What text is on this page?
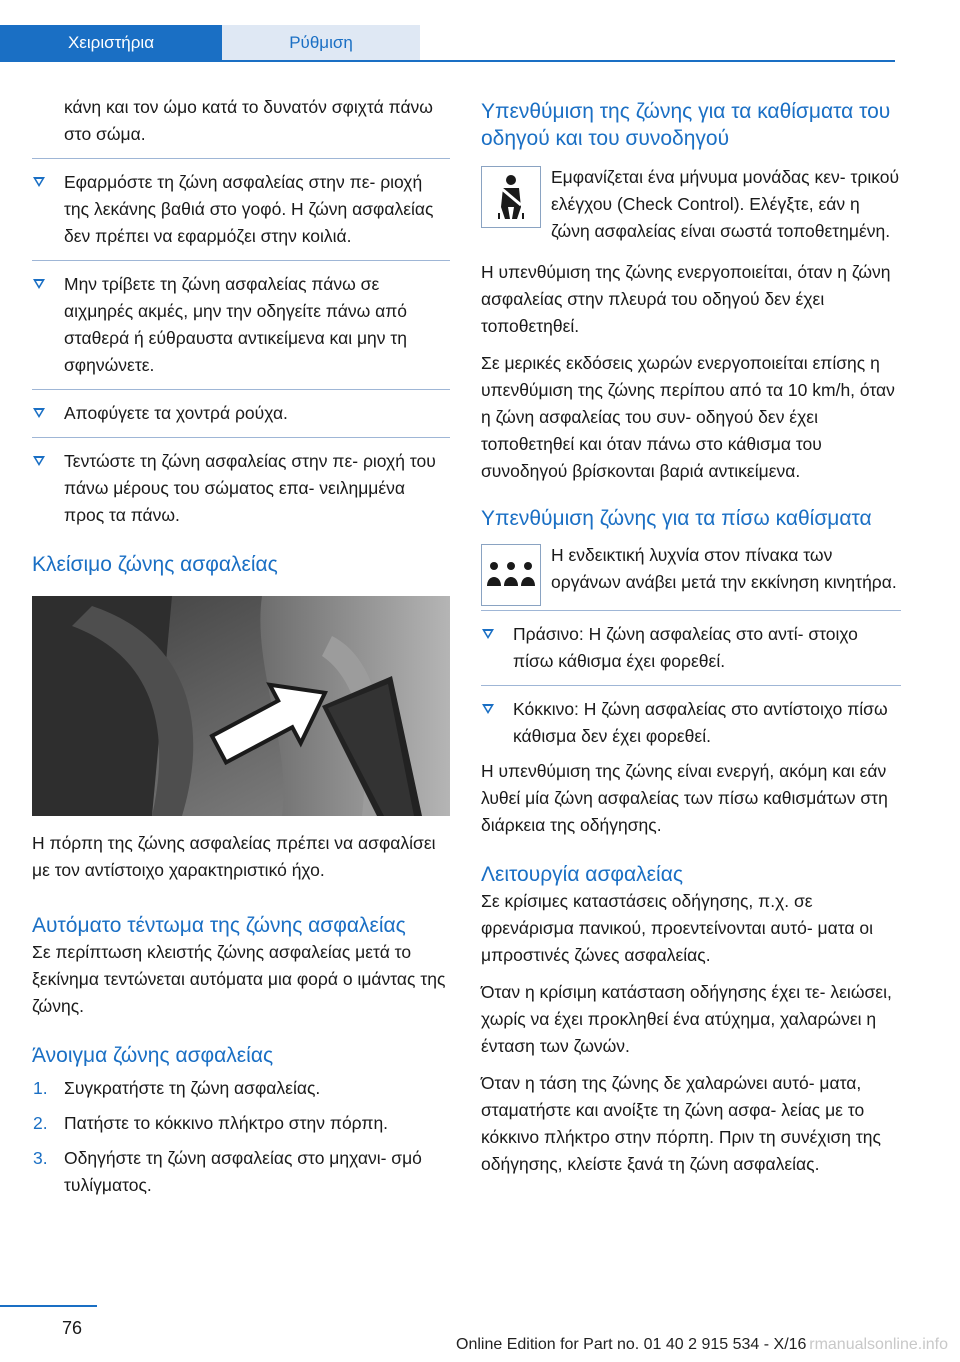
Χειριστήρια	Ρύθμιση

κάνη και τον ώμο κατά το δυνατόν σφιχτά πάνω στο σώμα.

Εφαρμόστε τη ζώνη ασφαλείας στην πε- ριοχή της λεκάνης βαθιά στο γοφό. Η ζώνη ασφαλείας δεν πρέπει να εφαρμόζει στην κοιλιά.

Μην τρίβετε τη ζώνη ασφαλείας πάνω σε αιχμηρές ακμές, μην την οδηγείτε πάνω από σταθερά ή εύθραυστα αντικείμενα και μην τη σφηνώνετε.

Αποφύγετε τα χοντρά ρούχα.

Τεντώστε τη ζώνη ασφαλείας στην πε- ριοχή του πάνω μέρους του σώματος επα- νειλημμένα προς τα πάνω.

Κλείσιμο ζώνης ασφαλείας

Η πόρπη της ζώνης ασφαλείας πρέπει να ασφαλίσει με τον αντίστοιχο χαρακτηριστικό ήχο.

Αυτόματο τέντωμα της ζώνης ασφαλείας

Σε περίπτωση κλειστής ζώνης ασφαλείας μετά το ξεκίνημα τεντώνεται αυτόματα μια φορά ο ιμάντας της ζώνης.

Άνοιγμα ζώνης ασφαλείας
1. Συγκρατήστε τη ζώνη ασφαλείας.

2. Πατήστε το κόκκινο πλήκτρο στην πόρπη.

3. Οδηγήστε τη ζώνη ασφαλείας στο μηχανι- σμό τυλίγματος.

Υπενθύμιση της ζώνης για τα καθίσματα του οδηγού και του συνοδηγού

Εμφανίζεται ένα μήνυμα μονάδας κεν- τρικού ελέγχου (Check Control). Ελέγξτε, εάν η ζώνη ασφαλείας είναι σωστά τοποθετημένη.

Η υπενθύμιση της ζώνης ενεργοποιείται, όταν η ζώνη ασφαλείας στην πλευρά του οδηγού δεν έχει τοποθετηθεί.

Σε μερικές εκδόσεις χωρών ενεργοποιείται επίσης η υπενθύμιση της ζώνης περίπου από τα 10 km/h, όταν η ζώνη ασφαλείας του συν- οδηγού δεν έχει τοποθετηθεί και όταν πάνω στο κάθισμα του συνοδηγού βρίσκονται βαριά αντικείμενα.

Υπενθύμιση ζώνης για τα πίσω καθίσματα

Η ενδεικτική λυχνία στον πίνακα των οργάνων ανάβει μετά την εκκίνηση κινητήρα.

Πράσινο: Η ζώνη ασφαλείας στο αντί- στοιχο πίσω κάθισμα έχει φορεθεί.

Κόκκινο: Η ζώνη ασφαλείας στο αντίστοιχο πίσω κάθισμα δεν έχει φορεθεί.

Η υπενθύμιση της ζώνης είναι ενεργή, ακόμη και εάν λυθεί μία ζώνη ασφαλείας των πίσω καθισμάτων στη διάρκεια της οδήγησης.

Λειτουργία ασφαλείας

Σε κρίσιμες καταστάσεις οδήγησης, π.χ. σε φρενάρισμα πανικού, προεντείνονται αυτό- ματα οι μπροστινές ζώνες ασφαλείας.

Όταν η κρίσιμη κατάσταση οδήγησης έχει τε- λειώσει, χωρίς να έχει προκληθεί ένα ατύχημα, χαλαρώνει η ένταση των ζωνών.

Όταν η τάση της ζώνης δε χαλαρώνει αυτό- ματα, σταματήστε και ανοίξτε τη ζώνη ασφα- λείας με το κόκκινο πλήκτρο στην πόρπη. Πριν τη συνέχιση της οδήγησης, κλείστε ξανά τη ζώνη ασφαλείας.

76
Online Edition for Part no. 01 40 2 915 534 - X/16 rmanualsonline.info
